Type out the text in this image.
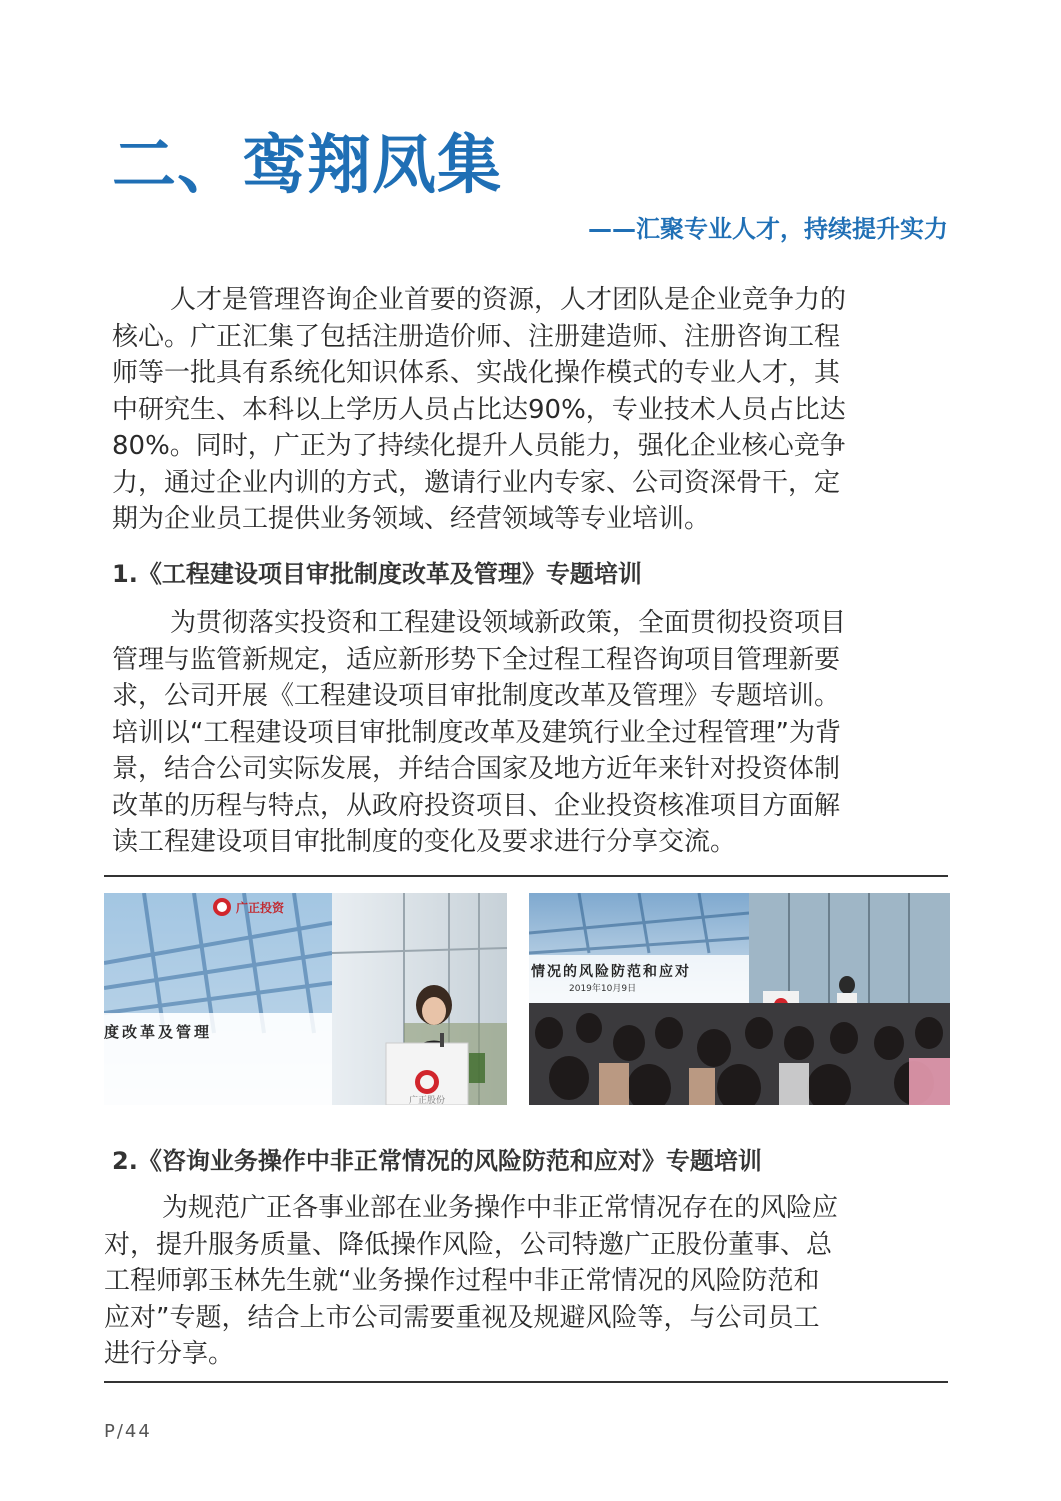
二、鸾翔凤集
——汇聚专业人才，持续提升实力
人才是管理咨询企业首要的资源，人才团队是企业竞争力的
核心。广正汇集了包括注册造价师、注册建造师、注册咨询工程
师等一批具有系统化知识体系、实战化操作模式的专业人才，其
中研究生、本科以上学历人员占比达90%，专业技术人员占比达
80%。同时，广正为了持续化提升人员能力，强化企业核心竞争
力，通过企业内训的方式，邀请行业内专家、公司资深骨干，定
期为企业员工提供业务领域、经营领域等专业培训。
1.《工程建设项目审批制度改革及管理》专题培训
为贯彻落实投资和工程建设领域新政策，全面贯彻投资项目
管理与监管新规定，适应新形势下全过程工程咨询项目管理新要
求，公司开展《工程建设项目审批制度改革及管理》专题培训。
培训以“工程建设项目审批制度改革及建筑行业全过程管理”为背
景，结合公司实际发展，并结合国家及地方近年来针对投资体制
改革的历程与特点，从政府投资项目、企业投资核准项目方面解
读工程建设项目审批制度的变化及要求进行分享交流。
广正投资
度改革及管理
广正股份
情况的风险防范和应对
2019年10月9日
2.《咨询业务操作中非正常情况的风险防范和应对》专题培训
为规范广正各事业部在业务操作中非正常情况存在的风险应
对，提升服务质量、降低操作风险，公司特邀广正股份董事、总
工程师郭玉林先生就“业务操作过程中非正常情况的风险防范和
应对”专题，结合上市公司需要重视及规避风险等，与公司员工
进行分享。
P/44
